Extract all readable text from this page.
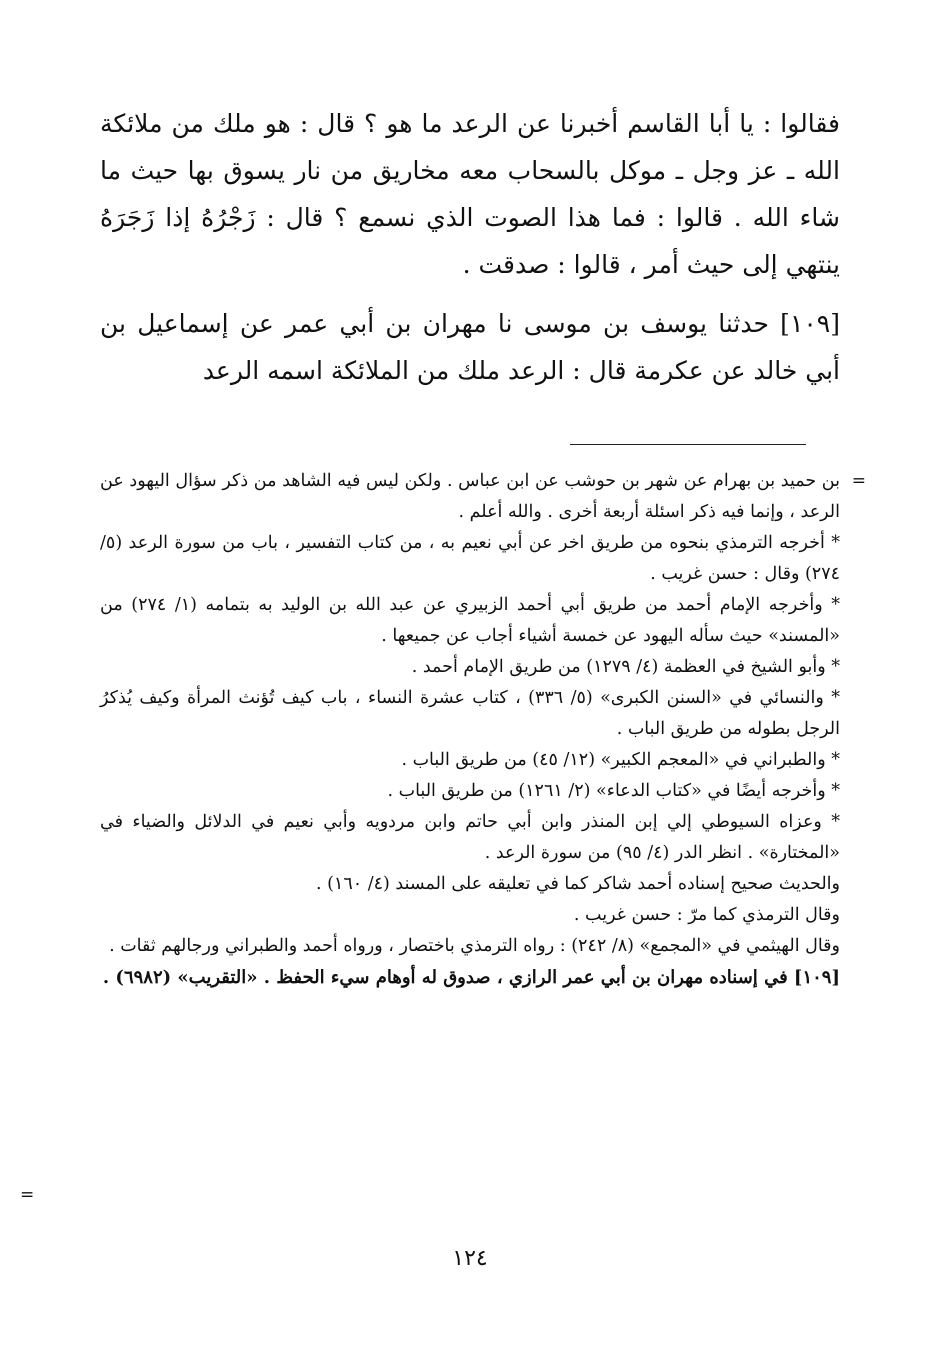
فقالوا : يا أبا القاسم أخبرنا عن الرعد ما هو ؟ قال : هو ملك من ملائكة الله ـ عز وجل ـ موكل بالسحاب معه مخاريق من نار يسوق بها حيث ما شاء الله . قالوا : فما هذا الصوت الذي نسمع ؟ قال : زَجْرُهُ إذا زَجَرَهُ ينتهي إلى حيث أمر ، قالوا : صدقت .

[١٠٩] حدثنا يوسف بن موسى نا مهران بن أبي عمر عن إسماعيل بن أبي خالد عن عكرمة قال : الرعد ملك من الملائكة اسمه الرعد

=
بن حميد بن بهرام عن شهر بن حوشب عن ابن عباس . ولكن ليس فيه الشاهد من ذكر سؤال اليهود عن الرعد ، وإنما فيه ذكر اسئلة أربعة أخرى . والله أعلم .
* أخرجه الترمذي بنحوه من طريق اخر عن أبي نعيم به ، من كتاب التفسير ، باب من سورة الرعد (٥/ ٢٧٤) وقال : حسن غريب .
* وأخرجه الإمام أحمد من طريق أبي أحمد الزبيري عن عبد الله بن الوليد به بتمامه (١/ ٢٧٤) من «المسند» حيث سأله اليهود عن خمسة أشياء أجاب عن جميعها .
* وأبو الشيخ في العظمة (٤/ ١٢٧٩) من طريق الإمام أحمد .
* والنسائي في «السنن الكبرى» (٥/ ٣٣٦) ، كتاب عشرة النساء ، باب كيف تُؤنث المرأة وكيف يُذكرُ الرجل بطوله من طريق الباب .
* والطبراني في «المعجم الكبير» (١٢/ ٤٥) من طريق الباب .
* وأخرجه أيضًا في «كتاب الدعاء» (٢/ ١٢٦١) من طريق الباب .
* وعزاه السيوطي إلي إبن المنذر وابن أبي حاتم وابن مردويه وأبي نعيم في الدلائل والضياء في «المختارة» . انظر الدر (٤/ ٩٥) من سورة الرعد .
والحديث صحيح إسناده أحمد شاكر كما في تعليقه على المسند (٤/ ١٦٠) .
وقال الترمذي كما مرّ : حسن غريب .
وقال الهيثمي في «المجمع» (٨/ ٢٤٢) : رواه الترمذي باختصار ، ورواه أحمد والطبراني ورجالهم ثقات .
[١٠٩] في إسناده مهران بن أبي عمر الرازي ، صدوق له أوهام سيء الحفظ . «التقريب» (٦٩٨٢) .
=
١٢٤
